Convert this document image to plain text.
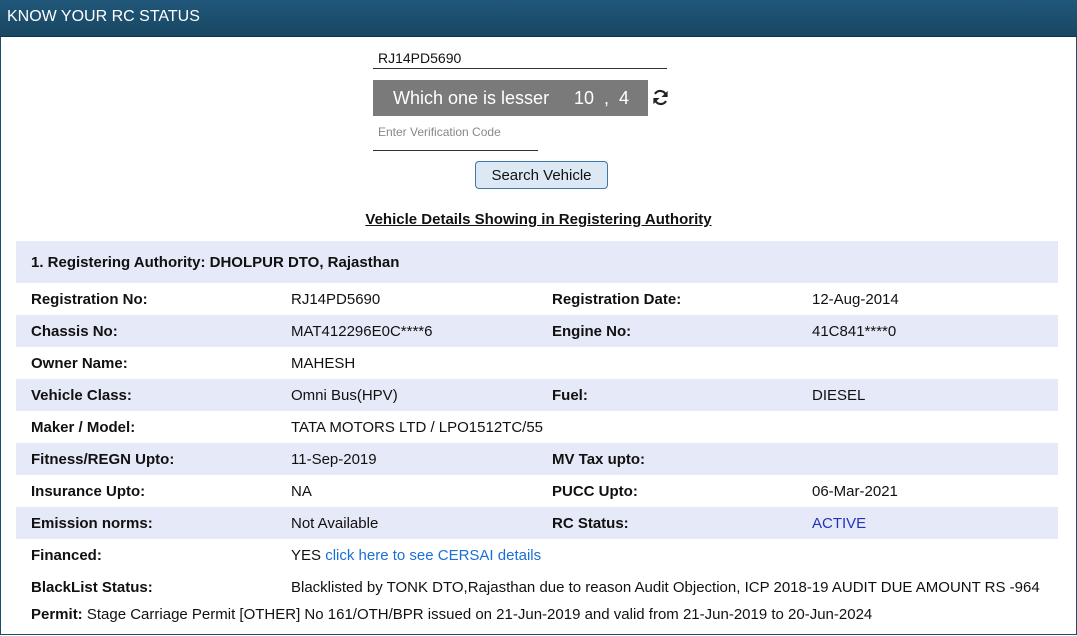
KNOW YOUR RC STATUS
RJ14PD5690
Which one is lesser 10 , 4
Enter Verification Code
Search Vehicle
Vehicle Details Showing in Registering Authority
1. Registering Authority: DHOLPUR DTO, Rajasthan
Registration No:	RJ14PD5690	Registration Date:	12-Aug-2014
Chassis No:	MAT412296E0C****6	Engine No:	41C841****0
Owner Name:	MAHESH
Vehicle Class:	Omni Bus(HPV)	Fuel:	DIESEL
Maker / Model:	TATA MOTORS LTD / LPO1512TC/55
Fitness/REGN Upto:	11-Sep-2019	MV Tax upto:
Insurance Upto:	NA	PUCC Upto:	06-Mar-2021
Emission norms:	Not Available	RC Status:	ACTIVE
Financed:	YES click here to see CERSAI details
BlackList Status:	Blacklisted by TONK DTO,Rajasthan due to reason Audit Objection, ICP 2018-19 AUDIT DUE AMOUNT RS -964
Permit: Stage Carriage Permit [OTHER] No 161/OTH/BPR issued on 21-Jun-2019 and valid from 21-Jun-2019 to 20-Jun-2024
